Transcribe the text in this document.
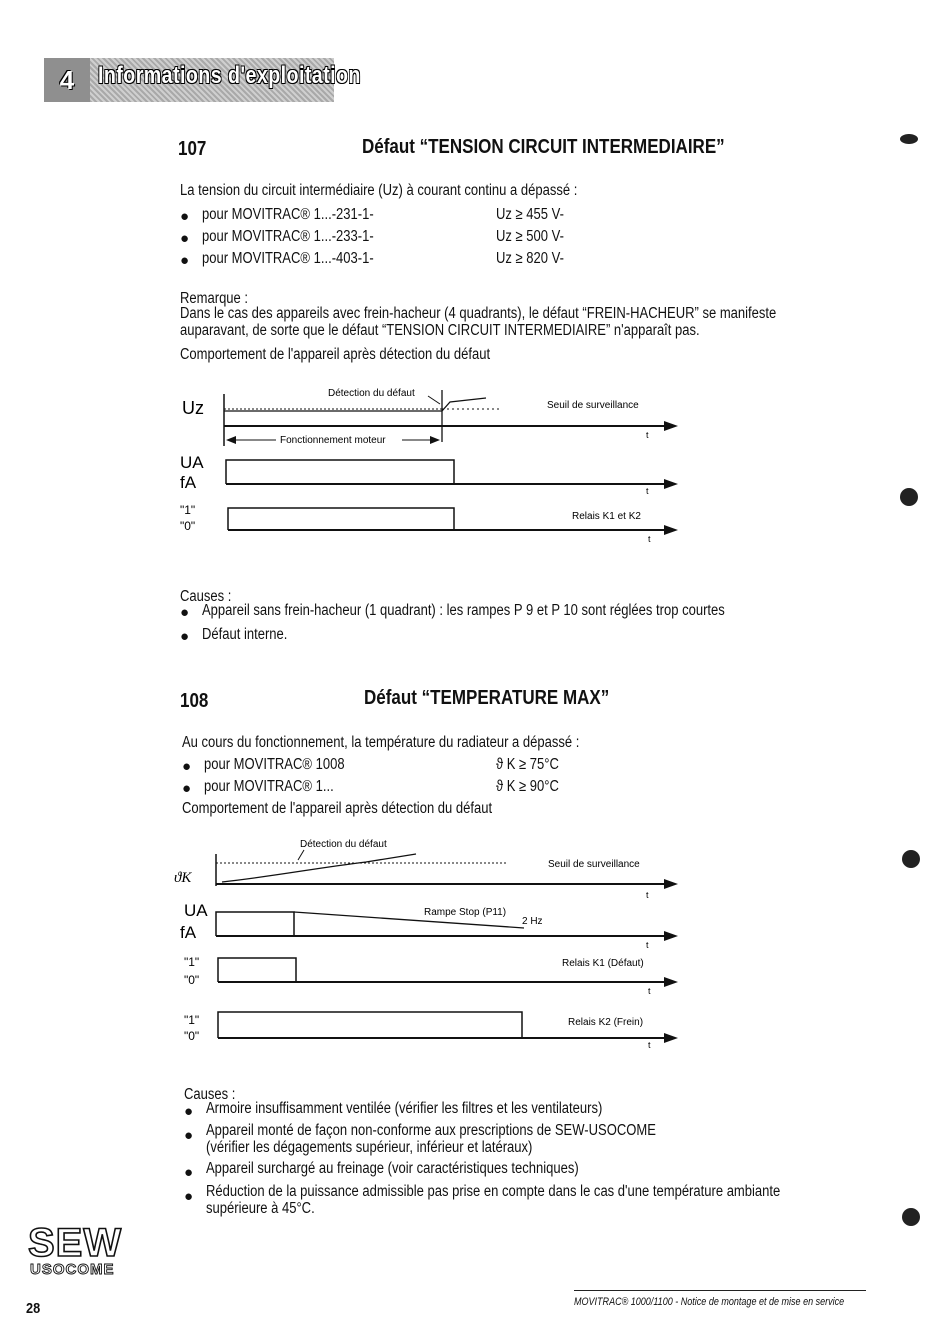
4 Informations d'exploitation
107	Défaut “TENSION CIRCUIT INTERMEDIAIRE”
La tension du circuit intermédiaire (Uz) à courant continu a dépassé :
● pour MOVITRAC® 1...-231-1-	Uz ≥ 455 V-
● pour MOVITRAC® 1...-233-1-	Uz ≥ 500 V-
● pour MOVITRAC® 1...-403-1-	Uz ≥ 820 V-
Remarque :
Dans le cas des appareils avec frein-hacheur (4 quadrants), le défaut “FREIN-HACHEUR” se manifeste
auparavant, de sorte que le défaut “TENSION CIRCUIT INTERMEDIAIRE” n'apparaît pas.
Comportement de l'appareil après détection du défaut
Uz
Détection du défaut
Seuil de surveillance
t
Fonctionnement moteur
UA
fA	t
"1"
"0"
Relais K1 et K2
t
Causes :
● Appareil sans frein-hacheur (1 quadrant) : les rampes P 9 et P 10 sont réglées trop courtes
● Défaut interne.
108	Défaut “TEMPERATURE MAX”
Au cours du fonctionnement, la température du radiateur a dépassé :
● pour MOVITRAC® 1008	ϑ K ≥ 75°C
● pour MOVITRAC® 1...	ϑ K ≥ 90°C
Comportement de l'appareil après détection du défaut
ϑK
Détection du défaut
Seuil de surveillance
t
UA
fA
Rampe Stop (P11)
2 Hz
t
"1"
"0"
Relais K1 (Défaut)
t
"1"
"0"
Relais K2 (Frein)
t
Causes :
● Armoire insuffisamment ventilée (vérifier les filtres et les ventilateurs)
● Appareil monté de façon non-conforme aux prescriptions de SEW-USOCOME
(vérifier les dégagements supérieur, inférieur et latéraux)
● Appareil surchargé au freinage (voir caractéristiques techniques)
● Réduction de la puissance admissible pas prise en compte dans le cas d'une température ambiante
supérieure à 45°C.
SEW
USOCOME
28	MOVITRAC® 1000/1100 - Notice de montage et de mise en service
